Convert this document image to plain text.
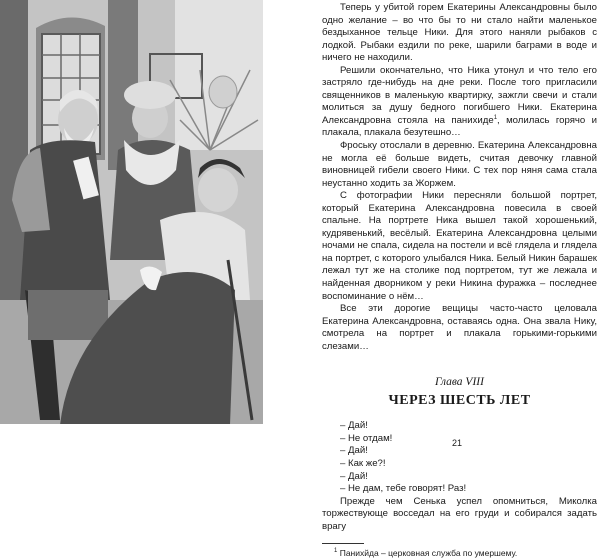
Теперь у убитой горем Екатерины Александровны было одно желание – во что бы то ни стало найти маленькое бездыханное тельце Ники. Для этого наняли рыбаков с лодкой. Рыбаки ездили по реке, шарили баграми в воде и ничего не находили.

Решили окончательно, что Ника утонул и что тело его застряло где-нибудь на дне реки. После того пригласили священников в маленькую квартирку, зажгли свечи и стали молиться за душу бедного погибшего Ники. Екатерина Александровна стояла на панихиде$^1$, молилась горячо и плакала, плакала безутешно…

Фроську отослали в деревню. Екатерина Александровна не могла её больше видеть, считая девочку главной виновницей гибели своего Ники. С тех пор няня сама стала неустанно ходить за Жоржем.

С фотографии Ники пересняли большой портрет, который Екатерина Александровна повесила в своей спальне. На портрете Ника вышел такой хорошенький, кудрявенький, весёлый. Екатерина Александровна целыми ночами не спала, сидела на постели и всё глядела и глядела на портрет, с которого улыбался Ника. Белый Никин барашек лежал тут же на столике под портретом, тут же лежала и найденная дворником у реки Никина фуражка – последнее воспоминание о нём…

Все эти дорогие вещицы часто-часто целовала Екатерина Александровна, оставаясь одна. Она звала Нику, смотрела на портрет и плакала горькими-горькими слезами…

Глава VIII
ЧЕРЕЗ ШЕСТЬ ЛЕТ
– Дай!
– Не отдам!
– Дай!
– Как же?!
– Дай!
– Не дам, тебе говорят! Раз!

Прежде чем Сенька успел опомниться, Миколка торжествующе восседал на его груди и собирался задать врагу

$^1$ Панихйда – церковная служба по умершему.
21
